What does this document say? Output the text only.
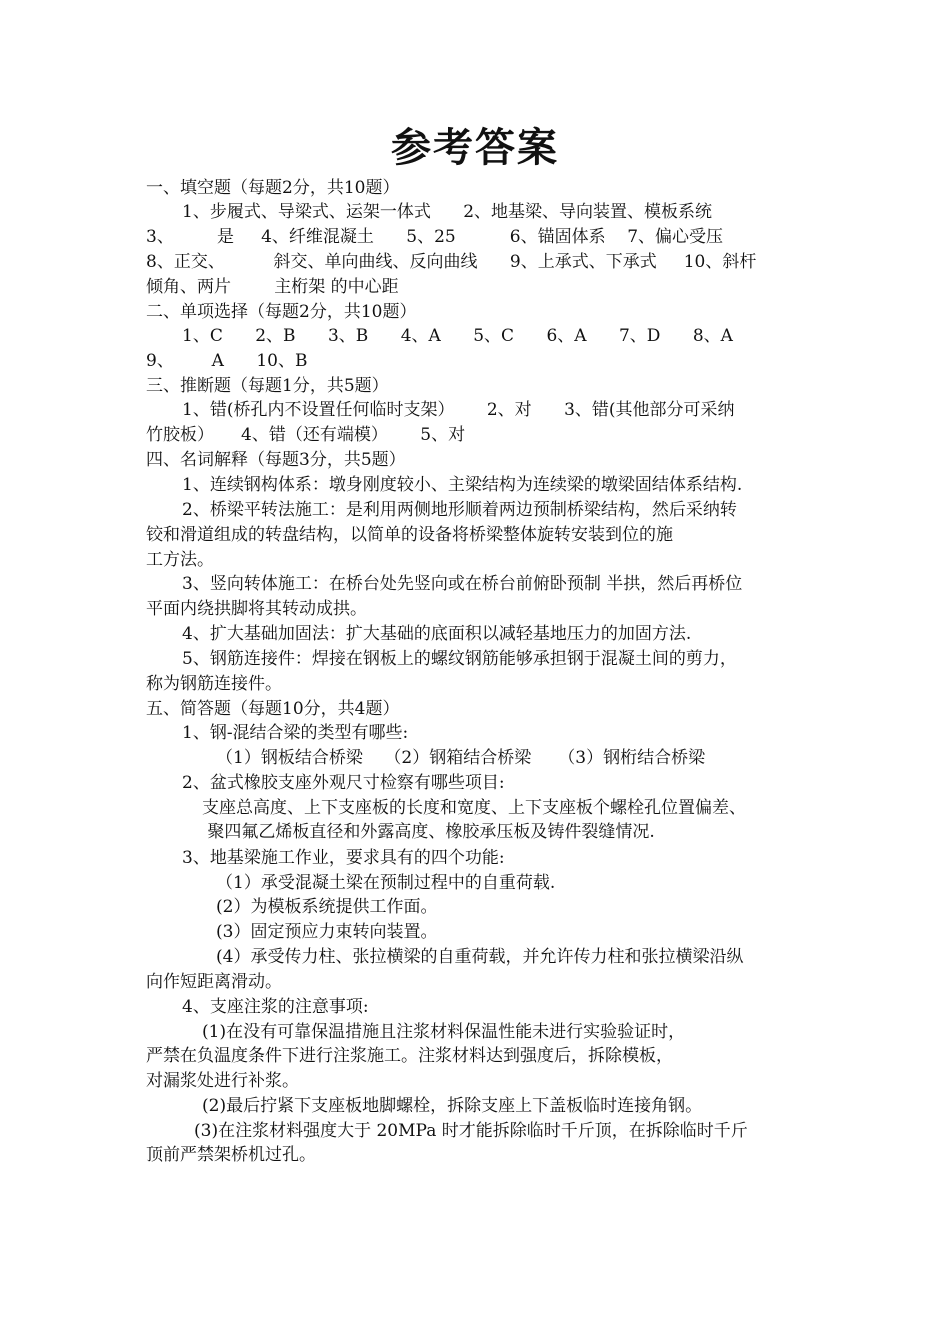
参考答案
一、填空题（每题2分，共10题）
1、步履式、导梁式、运架一体式      2、地基梁、导向装置、模板系统
3、        是     4、纤维混凝土      5、25          6、锚固体系    7、偏心受压
8、正交、         斜交、单向曲线、反向曲线      9、上承式、下承式     10、斜杆
倾角、两片        主桁架 的中心距
二、单项选择（每题2分，共10题）
1、C      2、B      3、B      4、A      5、C      6、A      7、D      8、A
9、       A      10、B
三、推断题（每题1分，共5题）
1、错(桥孔内不设置任何临时支架）      2、对      3、错(其他部分可采纳
竹胶板）     4、错（还有端模）      5、对
四、名词解释（每题3分，共5题）
1、连续钢构体系：墩身刚度较小、主梁结构为连续梁的墩梁固结体系结构.
2、桥梁平转法施工：是利用两侧地形顺着两边预制桥梁结构，然后采纳转
铰和滑道组成的转盘结构，以简单的设备将桥梁整体旋转安装到位的施
工方法。
3、竖向转体施工：在桥台处先竖向或在桥台前俯卧预制 半拱，然后再桥位
平面内绕拱脚将其转动成拱。
4、扩大基础加固法：扩大基础的底面积以减轻基地压力的加固方法.
5、钢筋连接件：焊接在钢板上的螺纹钢筋能够承担钢于混凝土间的剪力，
称为钢筋连接件。
五、简答题（每题10分，共4题）
1、钢-混结合梁的类型有哪些:
（1）钢板结合桥梁    （2）钢箱结合桥梁     （3）钢桁结合桥梁
2、盆式橡胶支座外观尺寸检察有哪些项目:
支座总高度、上下支座板的长度和宽度、上下支座板个螺栓孔位置偏差、
聚四氟乙烯板直径和外露高度、橡胶承压板及铸件裂缝情况.
3、地基梁施工作业，要求具有的四个功能:
（1）承受混凝土梁在预制过程中的自重荷载.
(2）为模板系统提供工作面。
(3）固定预应力束转向装置。
(4）承受传力柱、张拉横梁的自重荷载，并允许传力柱和张拉横梁沿纵
向作短距离滑动。
4、支座注浆的注意事项:
(1)在没有可靠保温措施且注浆材料保温性能未进行实验验证时，
严禁在负温度条件下进行注浆施工。注浆材料达到强度后，拆除模板，
对漏浆处进行补浆。
(2)最后拧紧下支座板地脚螺栓，拆除支座上下盖板临时连接角钢。
(3)在注浆材料强度大于 20MPa 时才能拆除临时千斤顶，在拆除临时千斤
顶前严禁架桥机过孔。
